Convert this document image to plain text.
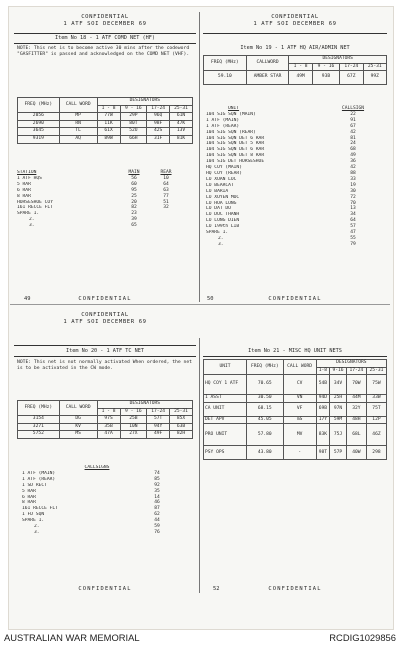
CONFIDENTIAL
1 ATF SOI DECEMBER 69
Item No 18 - 1 ATF COMD NET (HF)
NOTE: This net is to become active 30 mins after the codeword "GASFITTER" is passed and acknowledged on the COMD NET (VHF).
FREQ (MHz)	CALL WORD	DESIGNATORS			
		1 - 8	9 - 16	17-24	25-31
2056	MP	77W	29P	96Q	61N
2690	RN	11K	80T	98F	47K
3645	TL	61X	52U	42S	13V
9319	AQ	89W	66H	31F	81K
STATION	MAIN	REAR
1 ATF HQS	56	10
5 RAR	60	64
6 RAR	95	63
8 RAR	25	77
HORSESHOE COY	20	51
161 RECCE FLT	82	32
SPARE 1.	23
2.	39
3.	65
49	CONFIDENTIAL
CONFIDENTIAL
1 ATF SOI DECEMBER 69
Item No 19 - 1 ATF HQ AIR/ADMIN NET
FREQ (MHz)	CALLWORD	DESIGNATORS			
		1 - 8	9 - 16	17-24	25-31
59.10	AMBER STAR	49M	93B	67Z	99Z
UNIT	CALLSIGN
104 SIG SQN (MAIN)	22
1 ATF (MAIN)	91
1 ATF (REAR)	67
104 SIG SQN (REAR)	42
104 SIG SQN DET 6 RAR	81
104 SIG SQN DET 5 RAR	24
104 SIG SQN DET 6 RAR	68
104 SIG SQN DET 8 RAR	49
104 SIG DET HORSESHOE	36
HQ COY (MAIN)	42
HQ COY (REAR)	88
LO XUAN LOC	33
LO BEARCAT	19
LO BARIA	30
LO XUYEN MOC	72
LO HOA LONG	70
LO DAT DO	13
LO DUC THANH	34
LO LONG DIEN	64
LO 199th LIB	57
SPARE 1.	47
2.	55
3.	79
50	CONFIDENTIAL
CONFIDENTIAL
1 ATF SOI DECEMBER 69
Item No 20 - 1 ATF TC NET
NOTE: This net is not normally activated When ordered, the net is to be activated in the CW mode.
FREQ (MHz)	CALL WORD	DESIGNATORS			
		1 - 8	9 - 16	17-24	25-31
3154	DG	97S	25B	57T	85X
3271	KV	35B	10N	94Y	63B
5752	MS	47A	27X	49F	82H
CALLSIGNS
1 ATF (MAIN)	74
1 ATF (REAR)	85
1 SD RECT	92
5 RAR	35
6 RAR	14
8 RAR	46
161 RECCE FLT	87
1 FD SQN	62
SPARE 1.	44
2.	59
3.	76
CONFIDENTIAL
Item No 21 - MISC HQ UNIT NETS
UNIT	FREQ (MHz)	CALL WORD	DESIGNATORS			
			1-8	9-16	17-24	25-31
HQ COY 1 ATF	70.65	CV	54B	34V	70W	75W
1 ASST	30.50	VN	94D	25H	44M	33W
CA UNIT	68.15	VF	69B	97N	32Y	75T
DET APV	45.05	mS	17Y	59M	48H	12P
PRO UNIT	57.80	MV	83K	75J	68L	46Z
PSY OPS	43.80	-	98T	57P	40W	298
52	CONFIDENTIAL
AUSTRALIAN WAR MEMORIAL	RCDIG1029856
